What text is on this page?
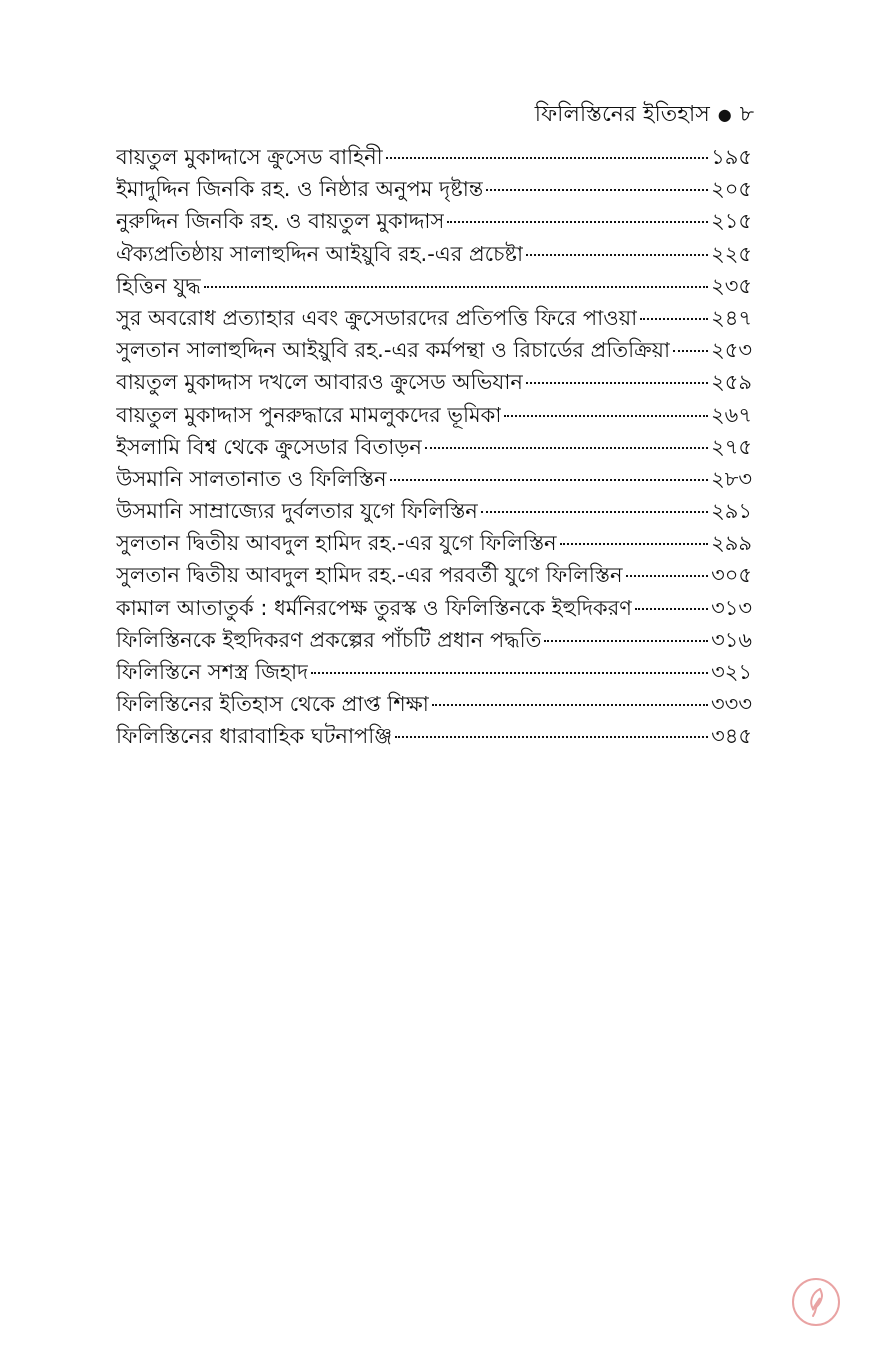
ফিলিস্তিনের ইতিহাস ● ৮
বায়তুল মুকাদ্দাসে ক্রুসেড বাহিনী	১৯৫
ইমাদুদ্দিন জিনকি রহ. ও নিষ্ঠার অনুপম দৃষ্টান্ত	২০৫
নুরুদ্দিন জিনকি রহ. ও বায়তুল মুকাদ্দাস	২১৫
ঐক্যপ্রতিষ্ঠায় সালাহুদ্দিন আইয়ুবি রহ.-এর প্রচেষ্টা	২২৫
হিত্তিন যুদ্ধ	২৩৫
সুর অবরোধ প্রত্যাহার এবং ক্রুসেডারদের প্রতিপত্তি ফিরে পাওয়া	২৪৭
সুলতান সালাহুদ্দিন আইয়ুবি রহ.-এর কর্মপন্থা ও রিচার্ডের প্রতিক্রিয়া ২৫৩
বায়তুল মুকাদ্দাস দখলে আবারও ক্রুসেড অভিযান	২৫৯
বায়তুল মুকাদ্দাস পুনরুদ্ধারে মামলুকদের ভূমিকা	২৬৭
ইসলামি বিশ্ব থেকে ক্রুসেডার বিতাড়ন	২৭৫
উসমানি সালতানাত ও ফিলিস্তিন	২৮৩
উসমানি সাম্রাজ্যের দুর্বলতার যুগে ফিলিস্তিন	২৯১
সুলতান দ্বিতীয় আবদুল হামিদ রহ.-এর যুগে ফিলিস্তিন	২৯৯
সুলতান দ্বিতীয় আবদুল হামিদ রহ.-এর পরবর্তী যুগে ফিলিস্তিন	৩০৫
কামাল আতাতুর্ক : ধর্মনিরপেক্ষ তুরস্ক ও ফিলিস্তিনকে ইহুদিকরণ	৩১৩
ফিলিস্তিনকে ইহুদিকরণ প্রকল্পের পাঁচটি প্রধান পদ্ধতি	৩১৬
ফিলিস্তিনে সশস্ত্র জিহাদ	৩২১
ফিলিস্তিনের ইতিহাস থেকে প্রাপ্ত শিক্ষা	৩৩৩
ফিলিস্তিনের ধারাবাহিক ঘটনাপঞ্জি	৩৪৫
